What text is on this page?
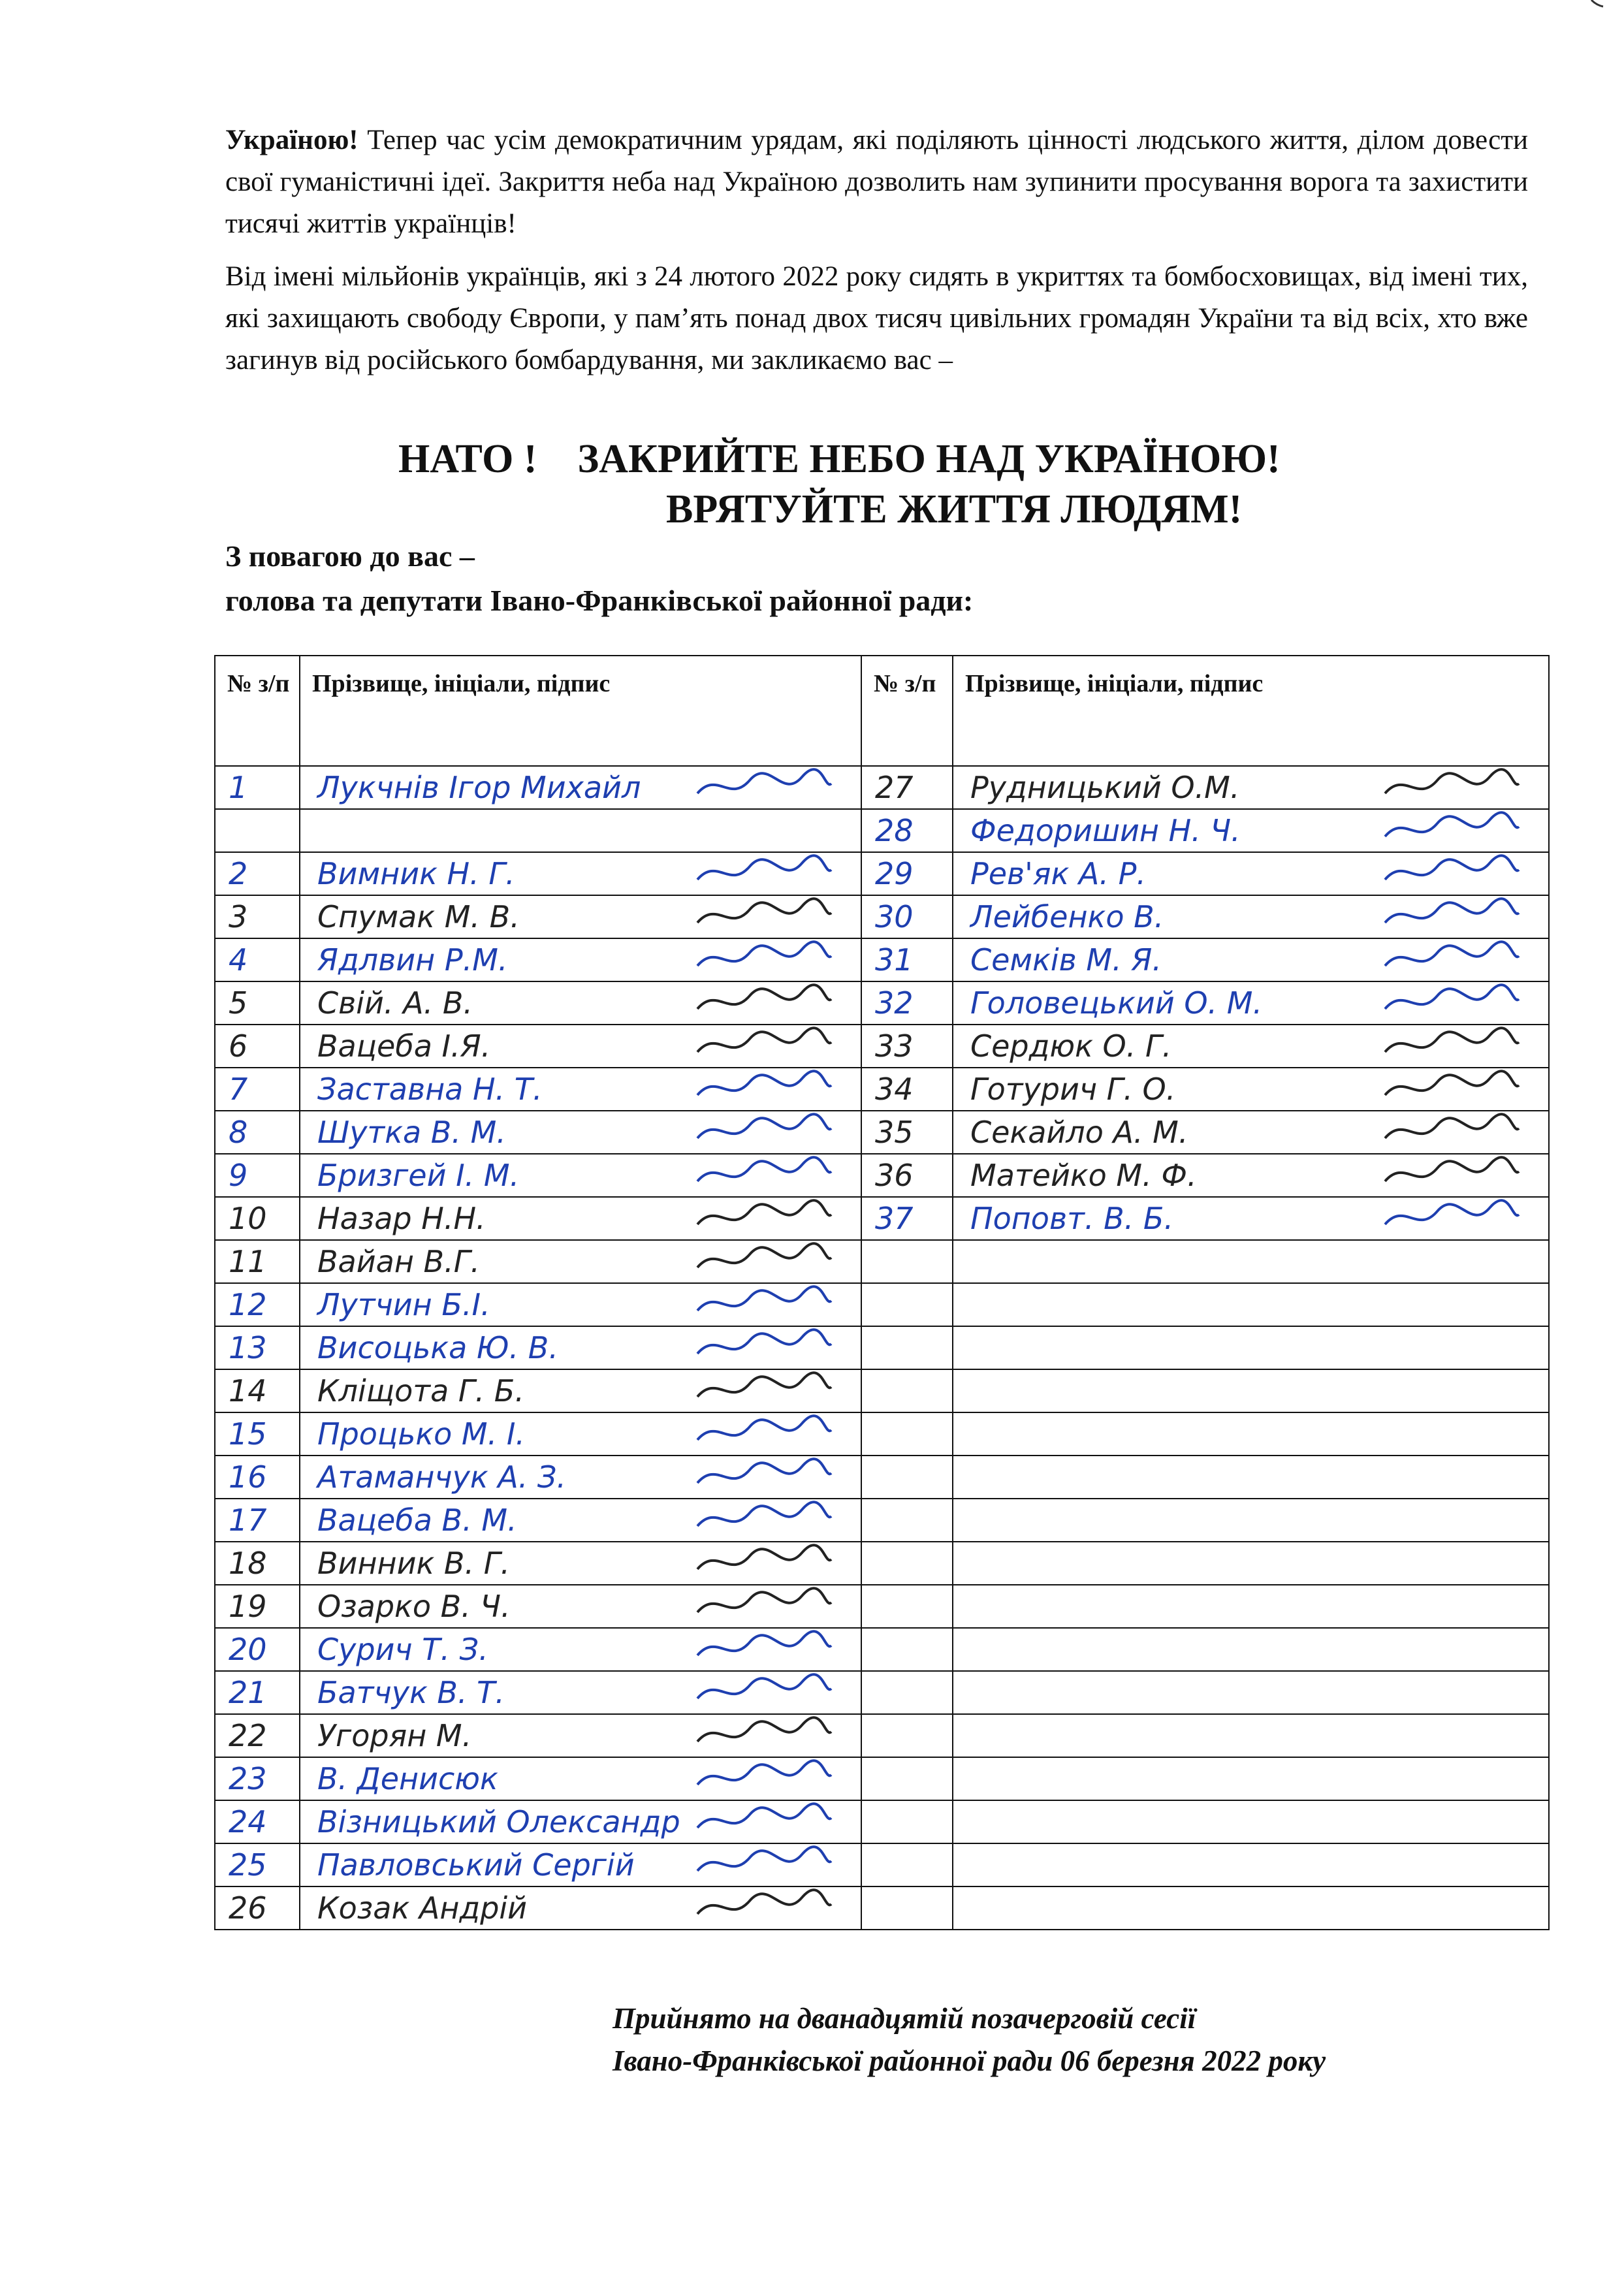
Україною! Тепер час усім демократичним урядам, які поділяють цінності людського життя, ділом довести свої гуманістичні ідеї. Закриття неба над Україною дозволить нам зупинити просування ворога та захистити тисячі життів українців!

Від імені мільйонів українців, які з 24 лютого 2022 року сидять в укриттях та бомбосховищах, від імені тих, які захищають свободу Європи, у пам’ять понад двох тисяч цивільних громадян України та від всіх, хто вже загинув від російського бомбардування, ми закликаємо вас –

НАТО !    ЗАКРИЙТЕ НЕБО НАД УКРАЇНОЮ!

ВРЯТУЙТЕ ЖИТТЯ ЛЮДЯМ!

З повагою до вас –

голова та депутати Івано-Франківської районної ради:

№ з/п	Прізвище, ініціали, підпис	№ з/п	Прізвище, ініціали, підпис
1	Лукчнів Ігор Михайл	27	Рудницький О.М.

		28	Федоришин Н. Ч.

2	Вимник Н. Г.	29	Рев'як А. Р.

3	Спумак М. В.	30	Лейбенко В.

4	Ядлвин Р.М.	31	Семків М. Я.

5	Свій. А. В.	32	Головецький О. М.

6	Вацеба І.Я.	33	Сердюк О. Г.

7	Заставна Н. Т.	34	Готурич Г. О.

8	Шутка В. М.	35	Секайло А. М.

9	Бризгей І. М.	36	Матейко М. Ф.

10	Назар Н.Н.	37	Поповт. В. Б.

11	Вайан В.Г.

12	Лутчин Б.І.

13	Висоцька Ю. В.

14	Кліщота Г. Б.

15	Процько М. І.

16	Атаманчук А. З.

17	Вацеба В. М.

18	Винник В. Г.

19	Озарко В. Ч.

20	Сурич Т. З.

21	Батчук В. Т.

22	Угорян М.

23	В. Денисюк

24	Візницький Олександр

25	Павловський Сергій

26	Козак Андрій

Прийнято на дванадцятій позачерговій сесії

Івано-Франківської районної ради 06 березня 2022 року
